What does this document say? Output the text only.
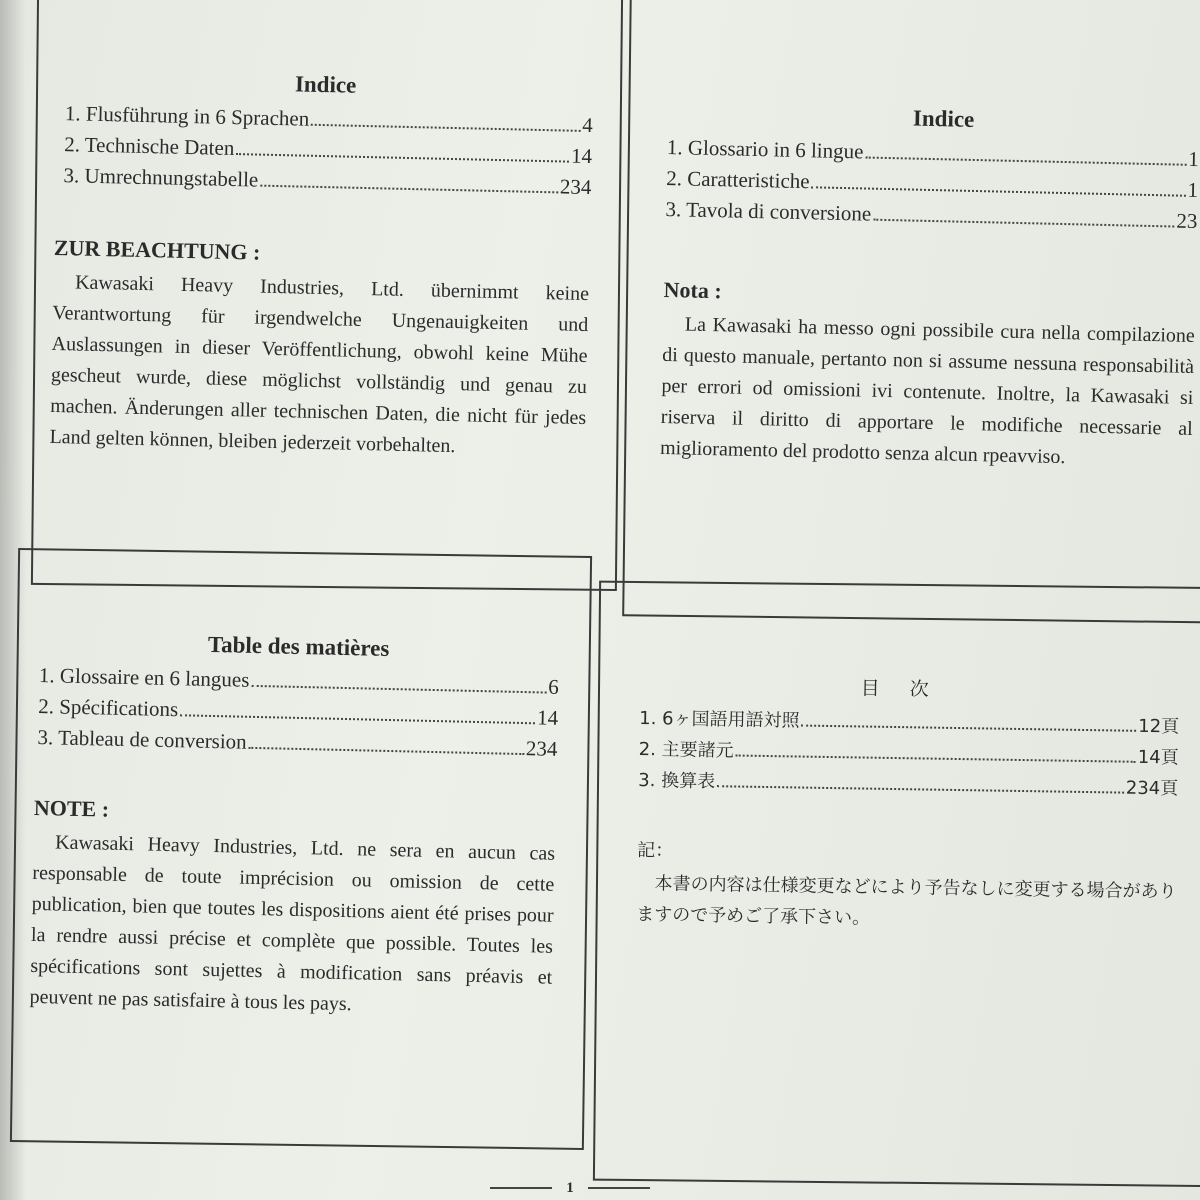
Indice
1. Flusführung in 6 Sprachen	4
2. Technische Daten	14
3. Umrechnungstabelle	234
ZUR BEACHTUNG :

Kawasaki Heavy Industries, Ltd. übernimmt keine Verantwortung für irgendwelche Ungenauigkeiten und Auslassungen in dieser Veröffentlichung, obwohl keine Mühe gescheut wurde, diese möglichst vollständig und genau zu machen. Änderungen aller technischen Daten, die nicht für jedes Land gelten können, bleiben jederzeit vorbehalten.

Table des matières
1. Glossaire en 6 langues	6
2. Spécifications	14
3. Tableau de conversion	234
NOTE :

Kawasaki Heavy Industries, Ltd. ne sera en aucun cas responsable de toute imprécision ou omission de cette publication, bien que toutes les dispositions aient été prises pour la rendre aussi précise et complète que possible. Toutes les spécifications sont sujettes à modification sans préavis et peuvent ne pas satisfaire à tous les pays.

Indice
1. Glossario in 6 lingue	1
2. Caratteristiche	1
3. Tavola di conversione	23
Nota :

La Kawasaki ha messo ogni possibile cura nella compilazione di questo manuale, pertanto non si assume nessuna responsabilità per errori od omissioni ivi contenute. Inoltre, la Kawasaki si riserva il diritto di apportare le modifiche necessarie al miglioramento del prodotto senza alcun rpeavviso.

目次
1. 6ヶ国語用語対照	12頁
2. 主要諸元	14頁
3. 換算表	234頁
記：

本書の内容は仕様変更などにより予告なしに変更する場合がありますので予めご了承下さい。

1
